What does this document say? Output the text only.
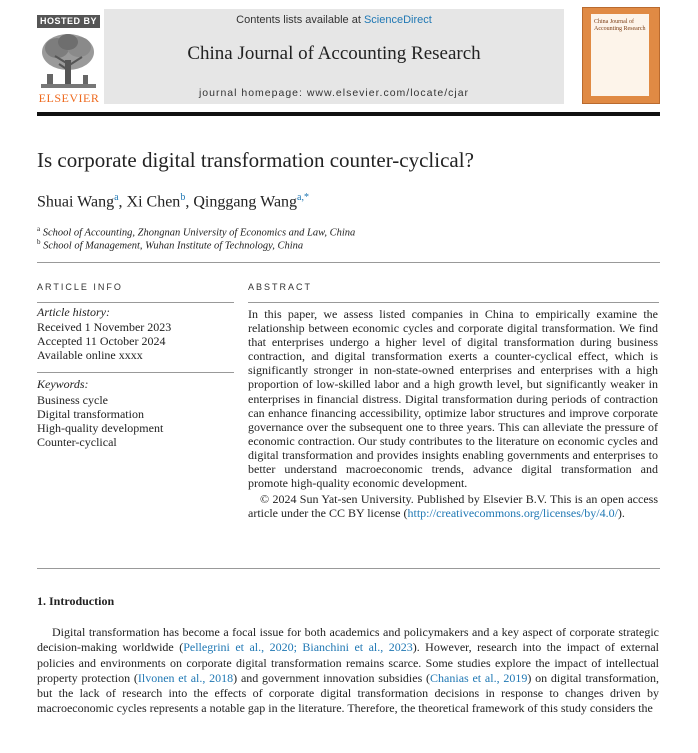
HOSTED BY
ELSEVIER
Contents lists available at ScienceDirect
China Journal of Accounting Research
journal homepage: www.elsevier.com/locate/cjar
China Journal of Accounting Research
Is corporate digital transformation counter-cyclical?
Shuai Wang$^a$, Xi Chen$^b$, Qinggang Wang$^{a,*}$
$^a$ School of Accounting, Zhongnan University of Economics and Law, China
$^b$ School of Management, Wuhan Institute of Technology, China
ARTICLE INFO
Article history:
Received 1 November 2023
Accepted 11 October 2024
Available online xxxx
Keywords:
Business cycle
Digital transformation
High-quality development
Counter-cyclical
ABSTRACT
In this paper, we assess listed companies in China to empirically examine the relationship between economic cycles and corporate digital transformation. We find that enterprises undergo a higher level of digital transformation during business contraction, and digital transformation exerts a counter-cyclical effect, which is significantly stronger in non-state-owned enterprises and enterprises with a high proportion of low-skilled labor and a high growth level, but significantly weaker in enterprises in financial distress. Digital transformation during periods of contraction can enhance financing accessibility, optimize labor structures and improve corporate governance over the subsequent one to three years. This can alleviate the pressure of economic contraction. Our study contributes to the literature on economic cycles and digital transformation and provides insights enabling governments and enterprises to better understand macroeconomic trends, advance digital transformation and promote high-quality economic development.
© 2024 Sun Yat-sen University. Published by Elsevier B.V. This is an open access article under the CC BY license (http://creativecommons.org/licenses/by/4.0/).
1. Introduction
Digital transformation has become a focal issue for both academics and policymakers and a key aspect of corporate strategic decision-making worldwide (Pellegrini et al., 2020; Bianchini et al., 2023). However, research into the impact of external policies and environments on corporate digital transformation remains scarce. Some studies explore the impact of intellectual property protection (Ilvonen et al., 2018) and government innovation subsidies (Chanias et al., 2019) on digital transformation, but the lack of research into the effects of corporate digital transformation decisions in response to changes driven by macroeconomic cycles represents a notable gap in the literature. Therefore, the theoretical framework of this study considers the
